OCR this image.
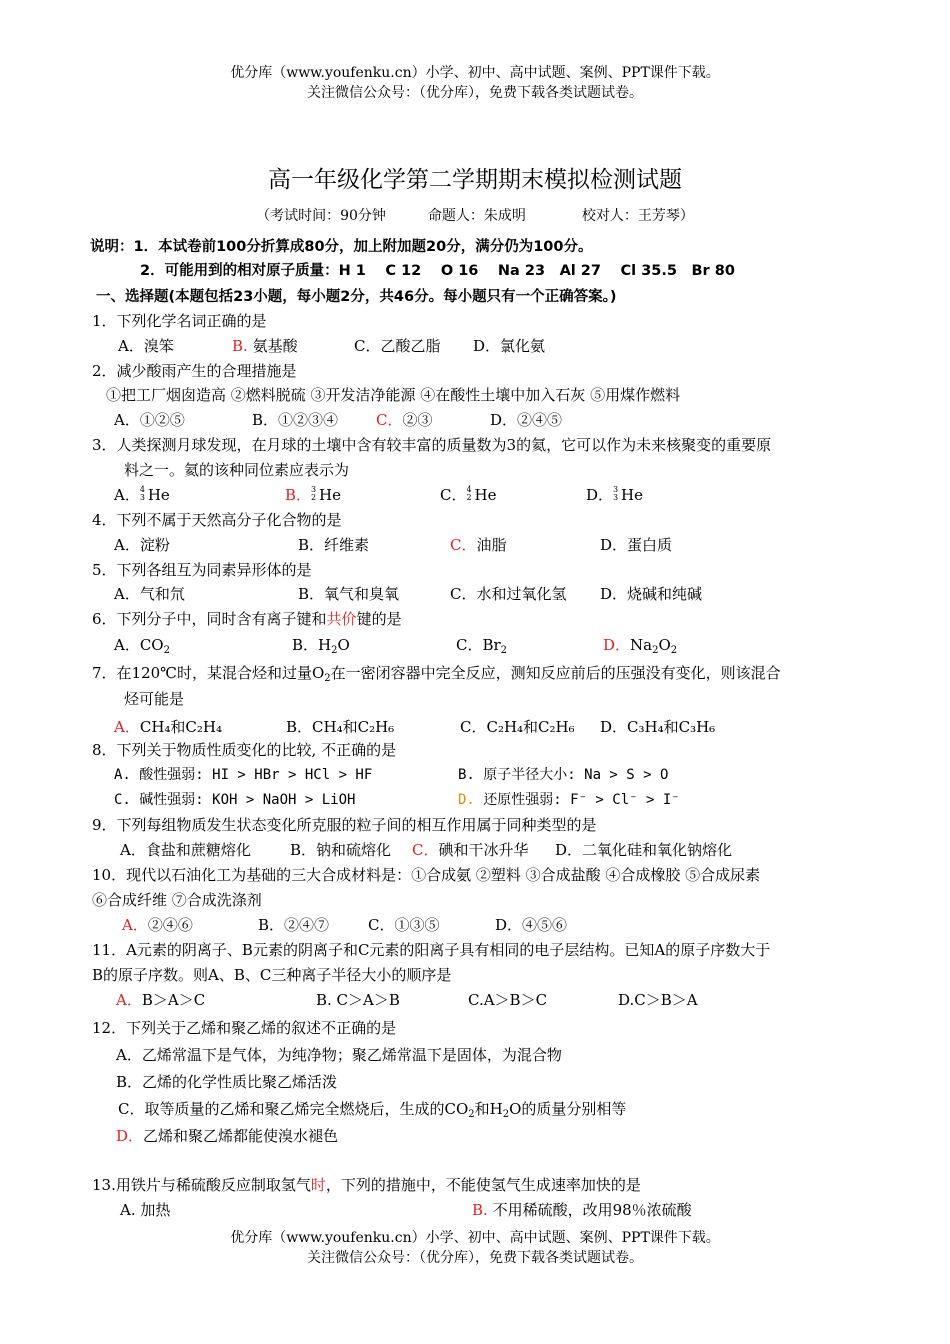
优分库（www.youfenku.cn）小学、初中、高中试题、案例、PPT课件下载。
关注微信公众号：（优分库），免费下载各类试题试卷。
高一年级化学第二学期期末模拟检测试题
（考试时间：90分钟　　　命题人：朱成明　　　　校对人：王芳琴）
说明：1．本试卷前100分折算成80分，加上附加题20分，满分仍为100分。
2．可能用到的相对原子质量：H 1　 C 12　 O 16　 Na 23　Al 27　 Cl 35.5　Br 80
一、选择题(本题包括23小题，每小题2分，共46分。每小题只有一个正确答案。)
1．下列化学名词正确的是
A．溴笨	B. 氨基酸	C．乙酸乙脂 D．氯化氨
2．减少酸雨产生的合理措施是
①把工厂烟囱造高 ②燃料脱硫 ③开发洁净能源 ④在酸性土壤中加入石灰 ⑤用煤作燃料
A．①②⑤	B．①②③④	C．②③	D．②④⑤
3．人类探测月球发现，在月球的土壤中含有较丰富的质量数为3的氦，它可以作为未来核聚变的重要原
料之一。氦的该种同位素应表示为
A． 4
3 He	B． 3
2 He	C． 4
2 He	D． 3
3 He
4．下列不属于天然高分子化合物的是
A．淀粉	B．纤维素	C．油脂	D．蛋白质
5．下列各组互为同素异形体的是
A．气和氘	B．氧气和臭氧	C．水和过氧化氢 D．烧碱和纯碱
6．下列分子中，同时含有离子键和共价键的是
A．$CO_2$	B．$H_2O$	C．$Br_2$	D．$Na_2O_2$
7．在120℃时，某混合烃和过量$O_2$在一密闭容器中完全反应，测知反应前后的压强没有变化，则该混合
烃可能是
A．CH₄和C₂H₄	B．CH₄和C₂H₆	C．C₂H₄和C₂H₆ D．C₃H₄和C₃H₆
8．下列关于物质性质变化的比较, 不正确的是
A. 酸性强弱: HI > HBr > HCl > HF	B. 原子半径大小: Na > S > O
C. 碱性强弱: KOH > NaOH > LiOH	D. 还原性强弱: F⁻ > Cl⁻ > I⁻
9．下列每组物质发生状态变化所克服的粒子间的相互作用属于同种类型的是
A．食盐和蔗糖熔化	B．钠和硫熔化 C．碘和干冰升华 D．二氧化硅和氧化钠熔化
10．现代以石油化工为基础的三大合成材料是：①合成氨 ②塑料 ③合成盐酸 ④合成橡胶 ⑤合成尿素
⑥合成纤维 ⑦合成洗涤剂
A．②④⑥	B．②④⑦	C．①③⑤	D．④⑤⑥
11．A元素的阴离子、B元素的阴离子和C元素的阳离子具有相同的电子层结构。已知A的原子序数大于
B的原子序数。则A、B、C三种离子半径大小的顺序是
A．B＞A＞C	B. C＞A＞B	C.A＞B＞C	D.C＞B＞A
12．下列关于乙烯和聚乙烯的叙述不正确的是
A．乙烯常温下是气体，为纯净物；聚乙烯常温下是固体，为混合物
B．乙烯的化学性质比聚乙烯活泼
C．取等质量的乙烯和聚乙烯完全燃烧后，生成的$CO_2$和$H_2O$的质量分别相等
D．乙烯和聚乙烯都能使溴水褪色
13.用铁片与稀硫酸反应制取氢气时，下列的措施中，不能使氢气生成速率加快的是
A. 加热	B. 不用稀硫酸，改用98％浓硫酸
优分库（www.youfenku.cn）小学、初中、高中试题、案例、PPT课件下载。
关注微信公众号：（优分库），免费下载各类试题试卷。
